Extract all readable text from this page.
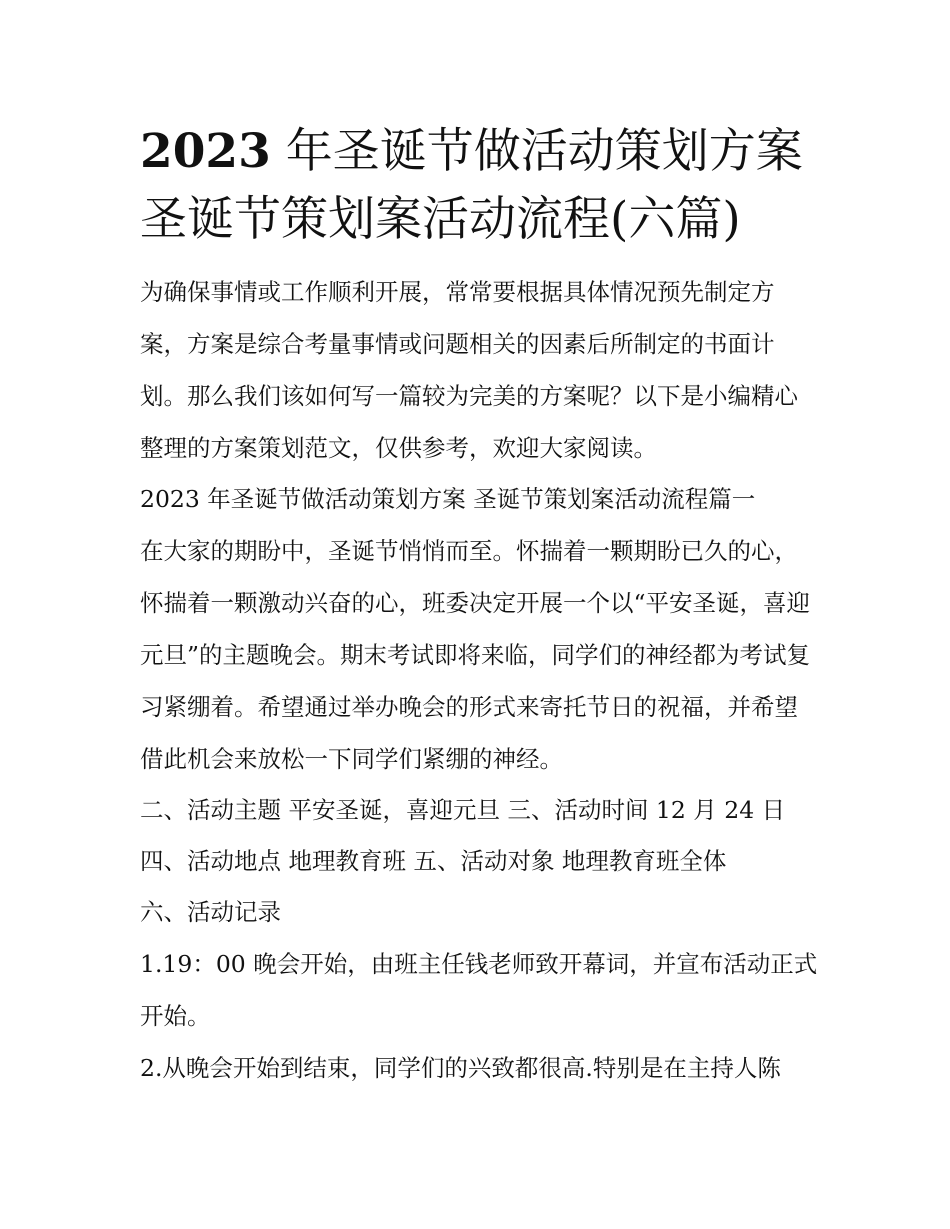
2023 年圣诞节做活动策划方案
圣诞节策划案活动流程(六篇)

为确保事情或工作顺利开展，常常要根据具体情况预先制定方案，方案是综合考量事情或问题相关的因素后所制定的书面计划。那么我们该如何写一篇较为完美的方案呢？以下是小编精心整理的方案策划范文，仅供参考，欢迎大家阅读。

2023 年圣诞节做活动策划方案 圣诞节策划案活动流程篇一

在大家的期盼中，圣诞节悄悄而至。怀揣着一颗期盼已久的心，怀揣着一颗激动兴奋的心，班委决定开展一个以“平安圣诞，喜迎元旦”的主题晚会。期末考试即将来临，同学们的神经都为考试复习紧绷着。希望通过举办晚会的形式来寄托节日的祝福，并希望借此机会来放松一下同学们紧绷的神经。

二、活动主题 平安圣诞，喜迎元旦 三、活动时间 12 月 24 日

四、活动地点 地理教育班 五、活动对象 地理教育班全体

六、活动记录

1.19：00 晚会开始，由班主任钱老师致开幕词，并宣布活动正式开始。

2.从晚会开始到结束，同学们的兴致都很高.特别是在主持人陈
